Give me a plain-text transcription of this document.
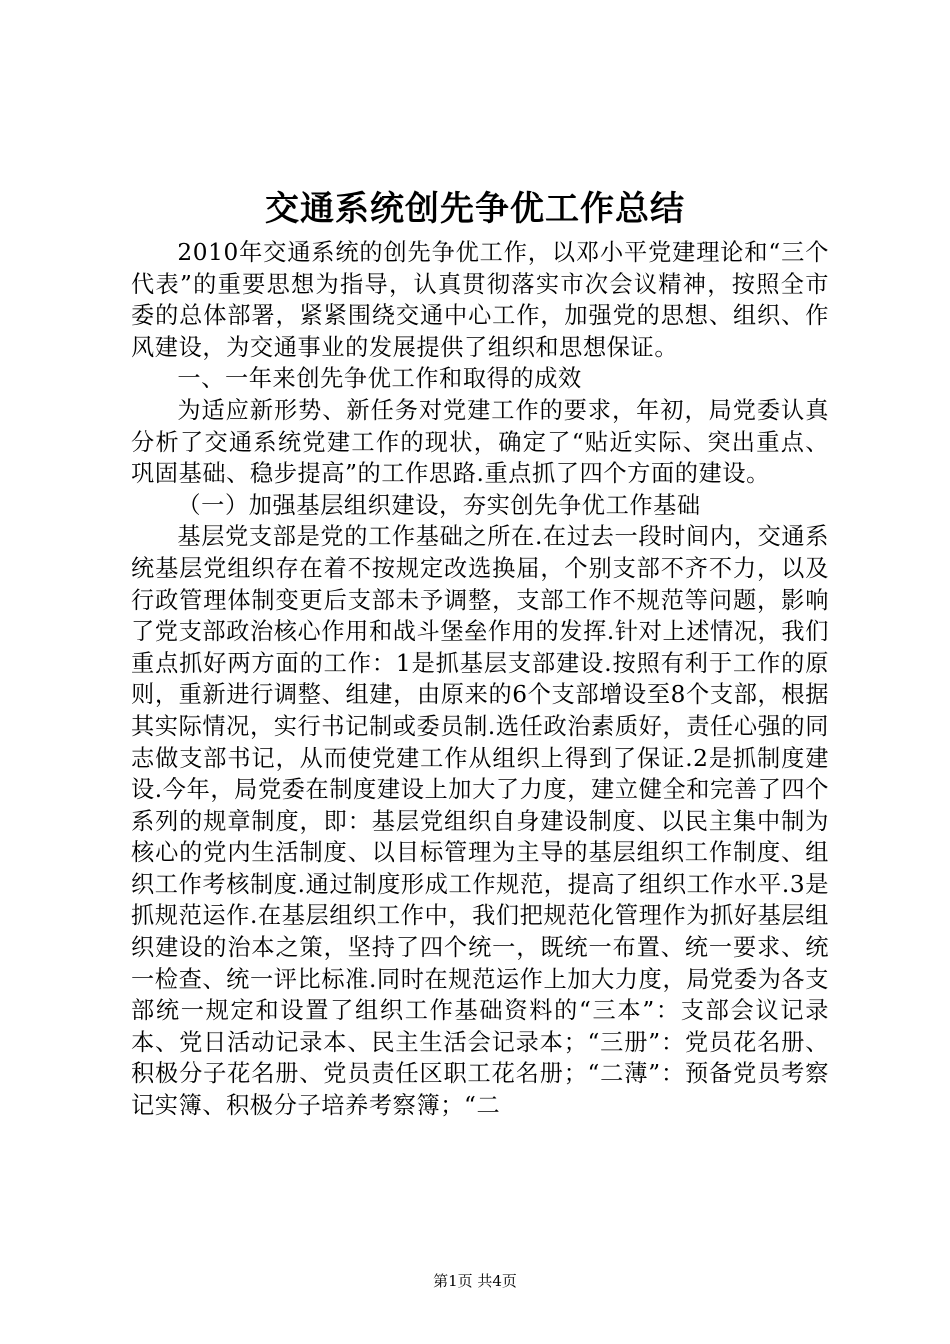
交通系统创先争优工作总结

2010年交通系统的创先争优工作，以邓小平党建理论和“三个代表”的重要思想为指导，认真贯彻落实市次会议精神，按照全市委的总体部署，紧紧围绕交通中心工作，加强党的思想、组织、作风建设，为交通事业的发展提供了组织和思想保证。

一、一年来创先争优工作和取得的成效

为适应新形势、新任务对党建工作的要求，年初，局党委认真分析了交通系统党建工作的现状，确定了“贴近实际、突出重点、巩固基础、稳步提高”的工作思路.重点抓了四个方面的建设。

（一）加强基层组织建设，夯实创先争优工作基础

基层党支部是党的工作基础之所在.在过去一段时间内，交通系统基层党组织存在着不按规定改选换届，个别支部不齐不力，以及行政管理体制变更后支部未予调整，支部工作不规范等问题，影响了党支部政治核心作用和战斗堡垒作用的发挥.针对上述情况，我们重点抓好两方面的工作：1是抓基层支部建设.按照有利于工作的原则，重新进行调整、组建，由原来的6个支部增设至8个支部，根据其实际情况，实行书记制或委员制.选任政治素质好，责任心强的同志做支部书记，从而使党建工作从组织上得到了保证.2是抓制度建设.今年，局党委在制度建设上加大了力度，建立健全和完善了四个系列的规章制度，即：基层党组织自身建设制度、以民主集中制为核心的党内生活制度、以目标管理为主导的基层组织工作制度、组织工作考核制度.通过制度形成工作规范，提高了组织工作水平.3是抓规范运作.在基层组织工作中，我们把规范化管理作为抓好基层组织建设的治本之策，坚持了四个统一，既统一布置、统一要求、统一检查、统一评比标准.同时在规范运作上加大力度，局党委为各支部统一规定和设置了组织工作基础资料的“三本”：支部会议记录本、党日活动记录本、民主生活会记录本；“三册”：党员花名册、积极分子花名册、党员责任区职工花名册；“二薄”：预备党员考察记实簿、积极分子培养考察簿；“二

第1页 共4页
